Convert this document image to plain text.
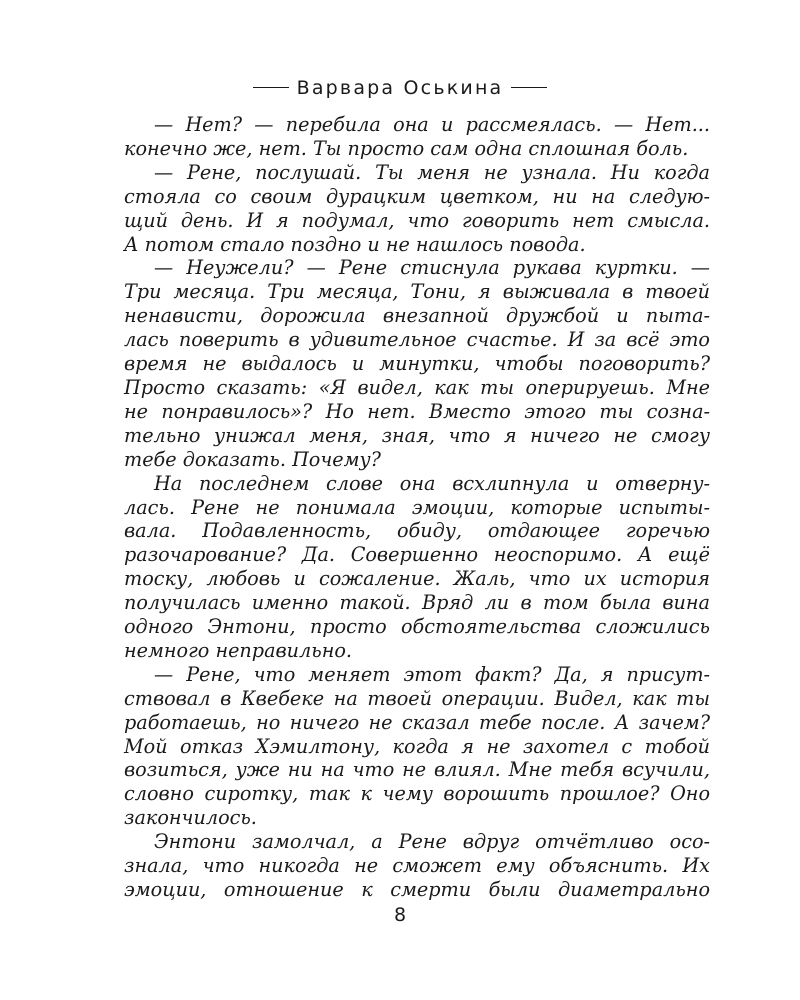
Варвара Оськина
— Нет? — перебила она и рассмеялась. — Нет...
конечно же, нет. Ты просто сам одна сплошная боль.
— Рене, послушай. Ты меня не узнала. Ни когда
стояла со своим дурацким цветком, ни на следую-
щий день. И я подумал, что говорить нет смысла.
А потом стало поздно и не нашлось повода.
— Неужели? — Рене стиснула рукава куртки. —
Три месяца. Три месяца, Тони, я выживала в твоей
ненависти, дорожила внезапной дружбой и пыта-
лась поверить в удивительное счастье. И за всё это
время не выдалось и минутки, чтобы поговорить?
Просто сказать: «Я видел, как ты оперируешь. Мне
не понравилось»? Но нет. Вместо этого ты созна-
тельно унижал меня, зная, что я ничего не смогу
тебе доказать. Почему?
На последнем слове она всхлипнула и отверну-
лась. Рене не понимала эмоции, которые испыты-
вала. Подавленность, обиду, отдающее горечью
разочарование? Да. Совершенно неоспоримо. А ещё
тоску, любовь и сожаление. Жаль, что их история
получилась именно такой. Вряд ли в том была вина
одного Энтони, просто обстоятельства сложились
немного неправильно.
— Рене, что меняет этот факт? Да, я присут-
ствовал в Квебеке на твоей операции. Видел, как ты
работаешь, но ничего не сказал тебе после. А зачем?
Мой отказ Хэмилтону, когда я не захотел с тобой
возиться, уже ни на что не влиял. Мне тебя всучили,
словно сиротку, так к чему ворошить прошлое? Оно
закончилось.
Энтони замолчал, а Рене вдруг отчётливо осо-
знала, что никогда не сможет ему объяснить. Их
эмоции, отношение к смерти были диаметрально
8
